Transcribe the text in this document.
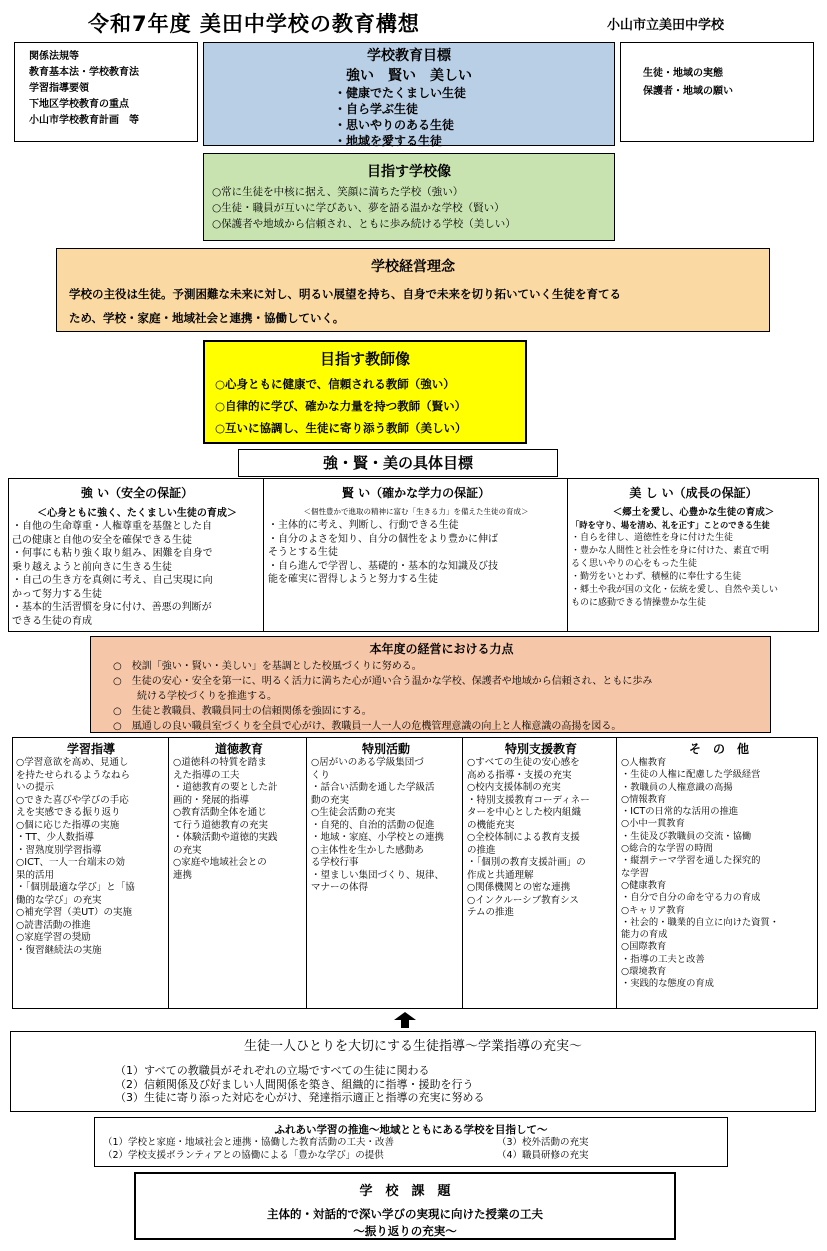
令和7年度 美田中学校の教育構想	小山市立美田中学校
関係法規等
教育基本法・学校教育法
学習指導要領
下地区学校教育の重点
小山市学校教育計画　等
生徒・地域の実態
保護者・地域の願い
学校教育目標
強い　賢い　美しい
・健康でたくましい生徒
・自ら学ぶ生徒
・思いやりのある生徒
・地域を愛する生徒
目指す学校像
○常に生徒を中核に据え、笑顔に満ちた学校（強い）
○生徒・職員が互いに学びあい、夢を語る温かな学校（賢い）
○保護者や地域から信頼され、ともに歩み続ける学校（美しい）
学校経営理念
学校の主役は生徒。予測困難な未来に対し、明るい展望を持ち、自身で未来を切り拓いていく生徒を育てる
ため、学校・家庭・地域社会と連携・協働していく。
目指す教師像
○心身ともに健康で、信頼される教師（強い）
○自律的に学び、確かな力量を持つ教師（賢い）
○互いに協調し、生徒に寄り添う教師（美しい）
強・賢・美の具体目標
強 い（安全の保証）
＜心身ともに強く、たくましい生徒の育成＞
・自他の生命尊重・人権尊重を基盤とした自
己の健康と自他の安全を確保できる生徒
・何事にも粘り強く取り組み、困難を自身で
乗り越えようと前向きに生きる生徒
・自己の生き方を真剣に考え、自己実現に向
かって努力する生徒
・基本的生活習慣を身に付け、善悪の判断が
できる生徒の育成
賢 い（確かな学力の保証）
＜個性豊かで進取の精神に富む「生きる力」を備えた生徒の育成＞
・主体的に考え、判断し、行動できる生徒
・自分のよさを知り、自分の個性をより豊かに伸ば
そうとする生徒
・自ら進んで学習し、基礎的・基本的な知識及び技
能を確実に習得しようと努力する生徒
美 し い（成長の保証）
＜郷土を愛し、心豊かな生徒の育成＞
「時を守り、場を清め、礼を正す」ことのできる生徒
・自らを律し、道徳性を身に付けた生徒
・豊かな人間性と社会性を身に付けた、素直で明
るく思いやりの心をもった生徒
・勤労をいとわず、積極的に奉仕する生徒
・郷土や我が国の文化・伝統を愛し、自然や美しい
ものに感動できる情操豊かな生徒
本年度の経営における力点
○　校訓「強い・賢い・美しい」を基調とした校風づくりに努める。
○　生徒の安心・安全を第一に、明るく活力に満ちた心が通い合う温かな学校、保護者や地域から信頼され、ともに歩み
続ける学校づくりを推進する。
○　生徒と教職員、教職員同士の信頼関係を強固にする。
○　風通しの良い職員室づくりを全員で心がけ、教職員一人一人の危機管理意識の向上と人権意識の高揚を図る。
学習指導
○学習意欲を高め、見通し
を持たせられるようなねら
いの提示
○できた喜びや学びの手応
えを実感できる振り返り
○個に応じた指導の実施
・TT、少人数指導
・習熟度別学習指導
○ICT、一人一台端末の効
果的活用
・「個別最適な学び」と「協
働的な学び」の充実
○補充学習（美UT）の実施
○読書活動の推進
○家庭学習の奨励
・復習継続法の実施
道徳教育
○道徳科の特質を踏ま
えた指導の工夫
・道徳教育の要とした計
画的・発展的指導
○教育活動全体を通じ
て行う道徳教育の充実
・体験活動や道徳的実践
の充実
○家庭や地域社会との
連携
特別活動
○居がいのある学級集団づ
くり
・話合い活動を通した学級活
動の充実
○生徒会活動の充実
・自発的、自治的活動の促進
・地域・家庭、小学校との連携
○主体性を生かした感動あ
る学校行事
・望ましい集団づくり、規律、
マナーの体得
特別支援教育
○すべての生徒の安心感を
高める指導・支援の充実
○校内支援体制の充実
・特別支援教育コーディネー
ターを中心とした校内組織
の機能充実
○全校体制による教育支援
の推進
・「個別の教育支援計画」の
作成と共通理解
○関係機関との密な連携
○インクルーシブ教育シス
テムの推進
そ　の　他
○人権教育
・生徒の人権に配慮した学級経営
・教職員の人権意識の高揚
○情報教育
・ICTの日常的な活用の推進
○小中一貫教育
・生徒及び教職員の交流・協働
○総合的な学習の時間
・縦割テーマ学習を通した探究的
な学習
○健康教育
・自分で自分の命を守る力の育成
○キャリア教育
・社会的・職業的自立に向けた資質・
能力の育成
○国際教育
・指導の工夫と改善
○環境教育
・実践的な態度の育成
生徒一人ひとりを大切にする生徒指導～学業指導の充実～
（1）すべての教職員がそれぞれの立場ですべての生徒に関わる
（2）信頼関係及び好ましい人間関係を築き、組織的に指導・援助を行う
（3）生徒に寄り添った対応を心がけ、発達指示適正と指導の充実に努める
ふれあい学習の推進～地域とともにある学校を目指して～
（1）学校と家庭・地域社会と連携・協働した教育活動の工夫・改善
（2）学校支援ボランティアとの協働による「豊かな学び」の提供
（3）校外活動の充実
（4）職員研修の充実
学　校　課　題
主体的・対話的で深い学びの実現に向けた授業の工夫
～振り返りの充実～
